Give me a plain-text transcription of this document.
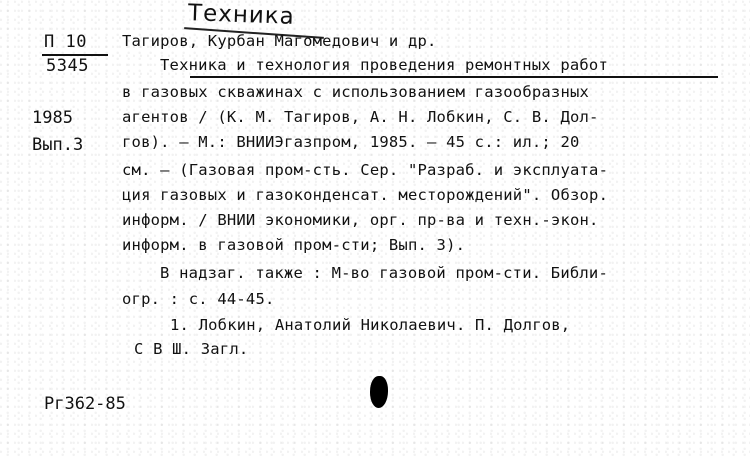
Техника
П 10
5345
1985
Вып.3
Тагиров, Курбан Магомедович и др.
Техника и технология проведения ремонтных работ
в газовых скважинах с использованием газообразных
агентов / (К. М. Тагиров, А. Н. Лобкин, С. В. Дол-
гов). – М.: ВНИИЭгазпром, 1985. – 45 с.: ил.; 20
см. – (Газовая пром-сть. Сер. "Разраб. и эксплуата-
ция газовых и газоконденсат. месторождений". Обзор.
информ. / ВНИИ экономики, орг. пр-ва и техн.-экон.
информ. в газовой пром-сти; Вып. 3).
В надзаг. также : М-во газовой пром-сти. Библи-
огр. : с. 44-45.
1. Лобкин, Анатолий Николаевич. П. Долгов,
С В Ш. Загл.
Рг362-85
